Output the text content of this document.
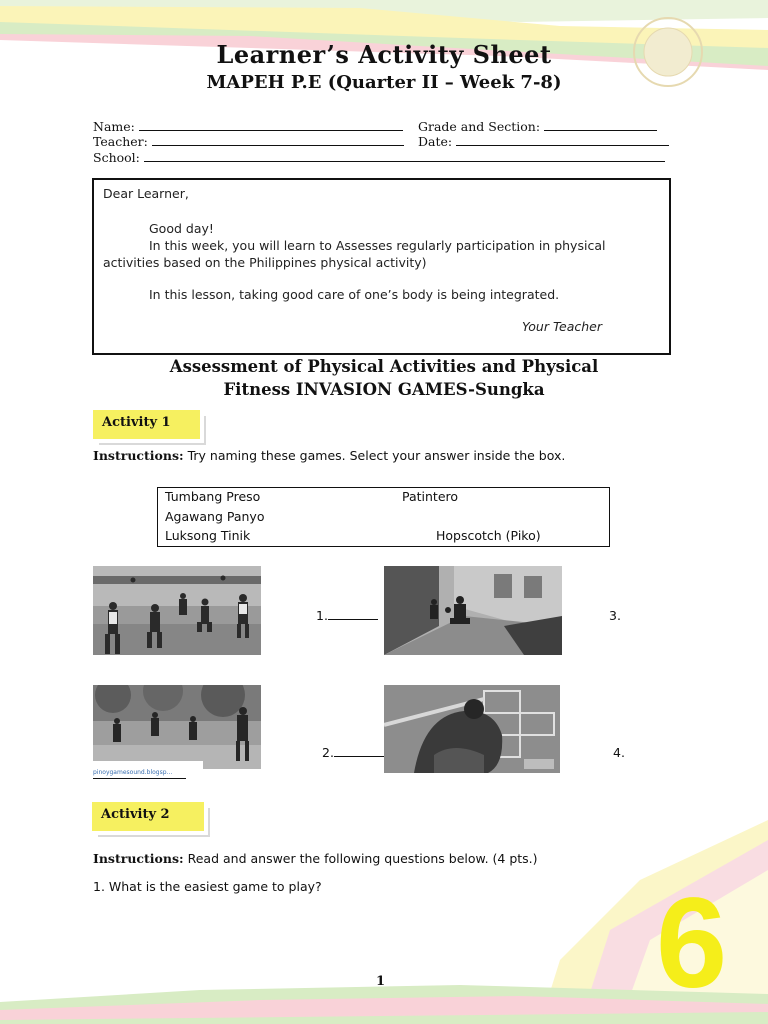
Learner’s Activity Sheet
MAPEH P.E (Quarter II – Week 7-8)
Name:	Grade and Section:
Teacher:	Date:
School:
Dear Learner,
Good day!
In this week, you will learn to Assesses regularly participation in physical
activities based on the Philippines physical activity)
In this lesson, taking good care of one’s body is being integrated.
Your Teacher
Assessment of Physical Activities and Physical
Fitness INVASION GAMES-Sungka
Activity 1
Instructions: Try naming these games. Select your answer inside the box.
Tumbang Preso	Patintero
Agawang Panyo
Luksong Tinik	Hopscotch (Piko)
1.	3.
pinoygamesound.blogsp...
2.	4.
Activity 2
Instructions: Read and answer the following questions below. (4 pts.)
1. What is the easiest game to play?
1 6
